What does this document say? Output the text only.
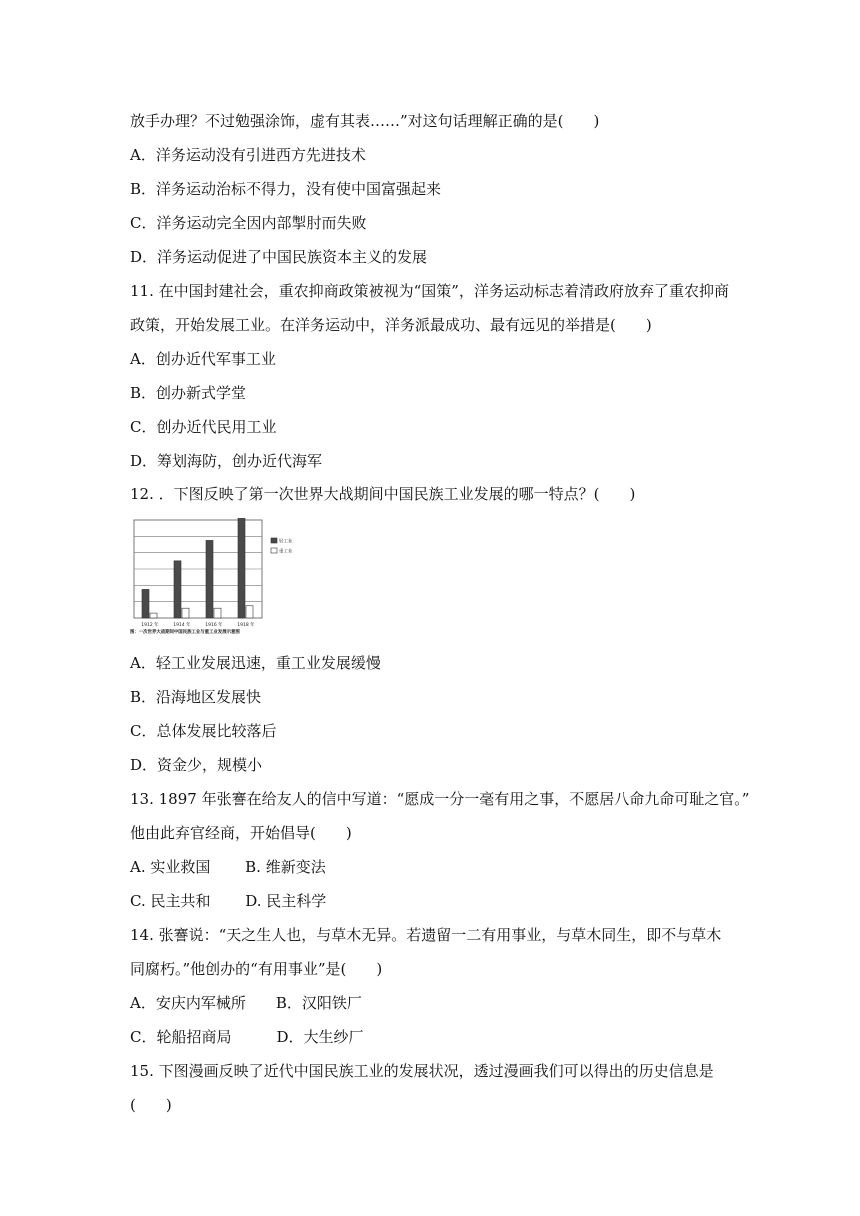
放手办理？不过勉强涂饰，虚有其表……”对这句话理解正确的是(　　)
A．洋务运动没有引进西方先进技术
B．洋务运动治标不得力，没有使中国富强起来
C．洋务运动完全因内部掣肘而失败
D．洋务运动促进了中国民族资本主义的发展
11. 在中国封建社会，重农抑商政策被视为“国策”，洋务运动标志着清政府放弃了重农抑商
政策，开始发展工业。在洋务运动中，洋务派最成功、最有远见的举措是(　　)
A．创办近代军事工业
B．创办新式学堂
C．创办近代民用工业
D．筹划海防，创办近代海军
12. ．下图反映了第一次世界大战期间中国民族工业发展的哪一特点？(　　)
A．轻工业发展迅速，重工业发展缓慢
B．沿海地区发展快
C．总体发展比较落后
D．资金少，规模小
13. 1897 年张謇在给友人的信中写道：“愿成一分一毫有用之事，不愿居八命九命可耻之官。”
他由此弃官经商，开始倡导(　　)
A. 实业救国　　 B. 维新变法
C. 民主共和　　 D. 民主科学
14. 张謇说：“天之生人也，与草木无异。若遗留一二有用事业，与草木同生，即不与草木
同腐朽。”他创办的“有用事业”是(　　)
A．安庆内军械所　　B．汉阳铁厂
C．轮船招商局　　　D．大生纱厂
15. 下图漫画反映了近代中国民族工业的发展状况，透过漫画我们可以得出的历史信息是
(　　)
1912 年	1914 年	1916 年	1918 年
轻工业
重工业
图：一次世界大战期间中国民族工业与重工业发展示意图
